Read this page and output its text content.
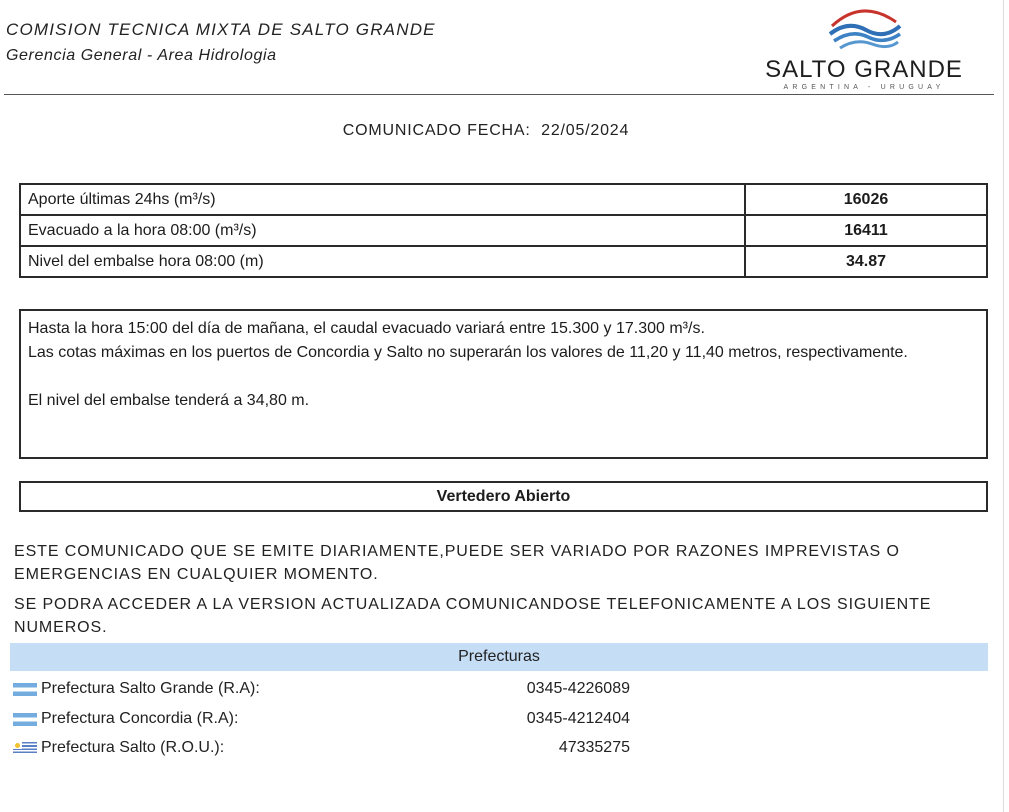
COMISION TECNICA MIXTA DE SALTO GRANDE
Gerencia General - Area Hidrologia
SALTO GRANDE
ARGENTINA - URUGUAY
COMUNICADO FECHA: 22/05/2024
Aporte últimas 24hs (m³/s)	16026
Evacuado a la hora 08:00 (m³/s)	16411
Nivel del embalse hora 08:00 (m)	34.87

Hasta la hora 15:00 del día de mañana, el caudal evacuado variará entre 15.300 y 17.300 m³/s.

Las cotas máximas en los puertos de Concordia y Salto no superarán los valores de 11,20 y 11,40 metros, respectivamente.

El nivel del embalse tenderá a 34,80 m.

Vertedero Abierto

ESTE COMUNICADO QUE SE EMITE DIARIAMENTE,PUEDE SER VARIADO POR RAZONES IMPREVISTAS O EMERGENCIAS EN CUALQUIER MOMENTO.

SE PODRA ACCEDER A LA VERSION ACTUALIZADA COMUNICANDOSE TELEFONICAMENTE A LOS SIGUIENTE NUMEROS.

Prefecturas
Prefectura Salto Grande (R.A):	0345-4226089
Prefectura Concordia (R.A):	0345-4212404
Prefectura Salto (R.O.U.):	47335275
